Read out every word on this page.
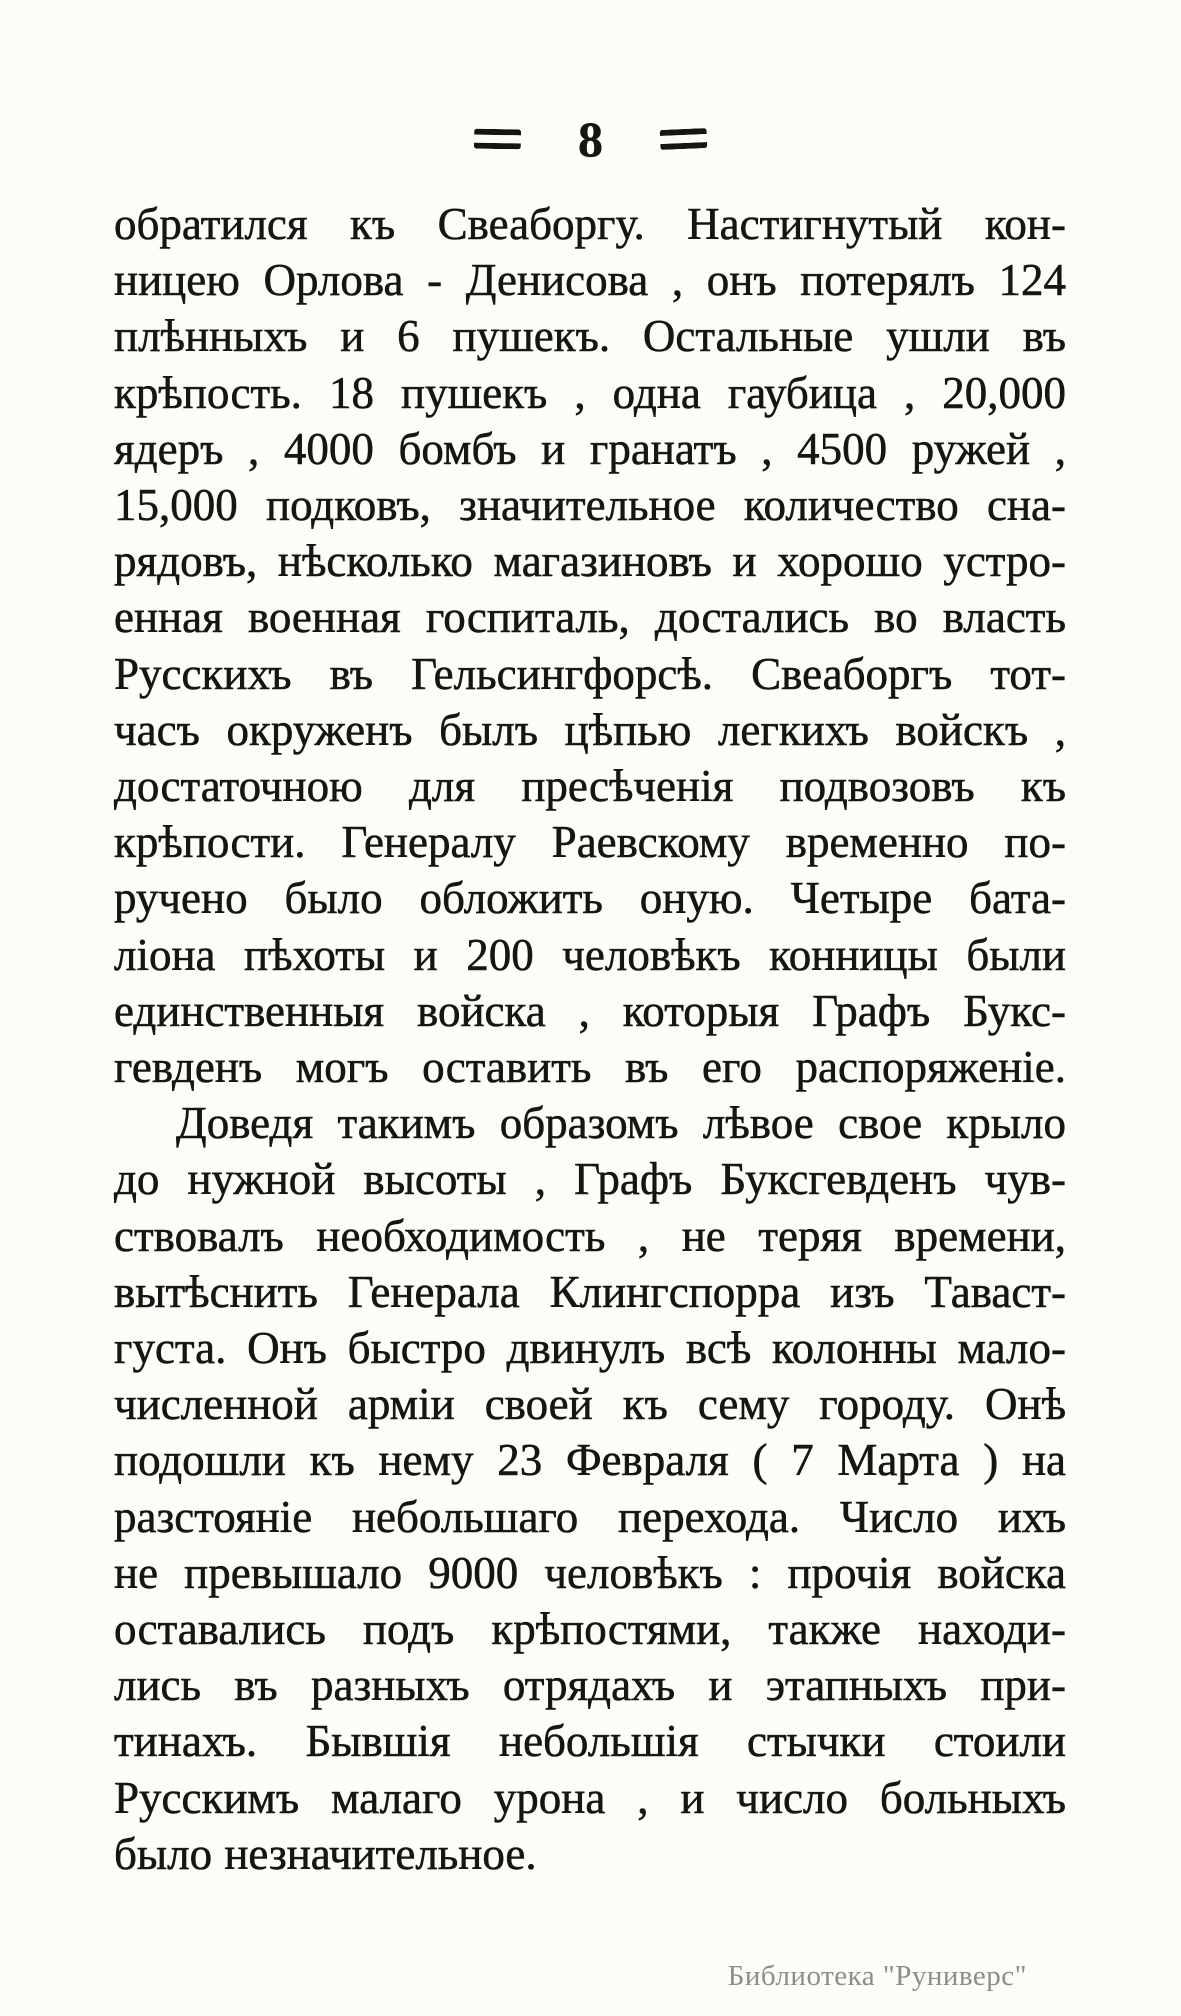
8
обратился къ Свеаборгу. Настигнутый кон-
ницею Орлова - Денисова , онъ потерялъ 124
плѣнныхъ и 6 пушекъ. Остальные ушли въ
крѣпость. 18 пушекъ , одна гаубица , 20,000
ядеръ , 4000 бомбъ и гранатъ , 4500 ружей ,
15,000 подковъ, значительное количество сна-
рядовъ, нѣсколько магазиновъ и хорошо устро-
енная военная госпиталь, достались во власть
Русскихъ въ Гельсингфорсѣ. Свеаборгъ тот-
часъ окруженъ былъ цѣпью легкихъ войскъ ,
достаточною для пресѣченія подвозовъ къ
крѣпости. Генералу Раевскому временно по-
ручено было обложить оную. Четыре бата-
ліона пѣхоты и 200 человѣкъ конницы были
единственныя войска , которыя Графъ Букс-
гевденъ могъ оставить въ его распоряженіе.
Доведя такимъ образомъ лѣвое свое крыло
до нужной высоты , Графъ Буксгевденъ чув-
ствовалъ необходимость , не теряя времени,
вытѣснить Генерала Клингспорра изъ Таваст-
густа. Онъ быстро двинулъ всѣ колонны мало-
численной арміи своей къ сему городу. Онѣ
подошли къ нему 23 Февраля ( 7 Марта ) на
разстояніе небольшаго перехода. Число ихъ
не превышало 9000 человѣкъ : прочія войска
оставались подъ крѣпостями, также находи-
лись въ разныхъ отрядахъ и этапныхъ при-
тинахъ. Бывшія небольшія стычки стоили
Русскимъ малаго урона , и число больныхъ
было незначительное.
Библиотека "Руниверс"
